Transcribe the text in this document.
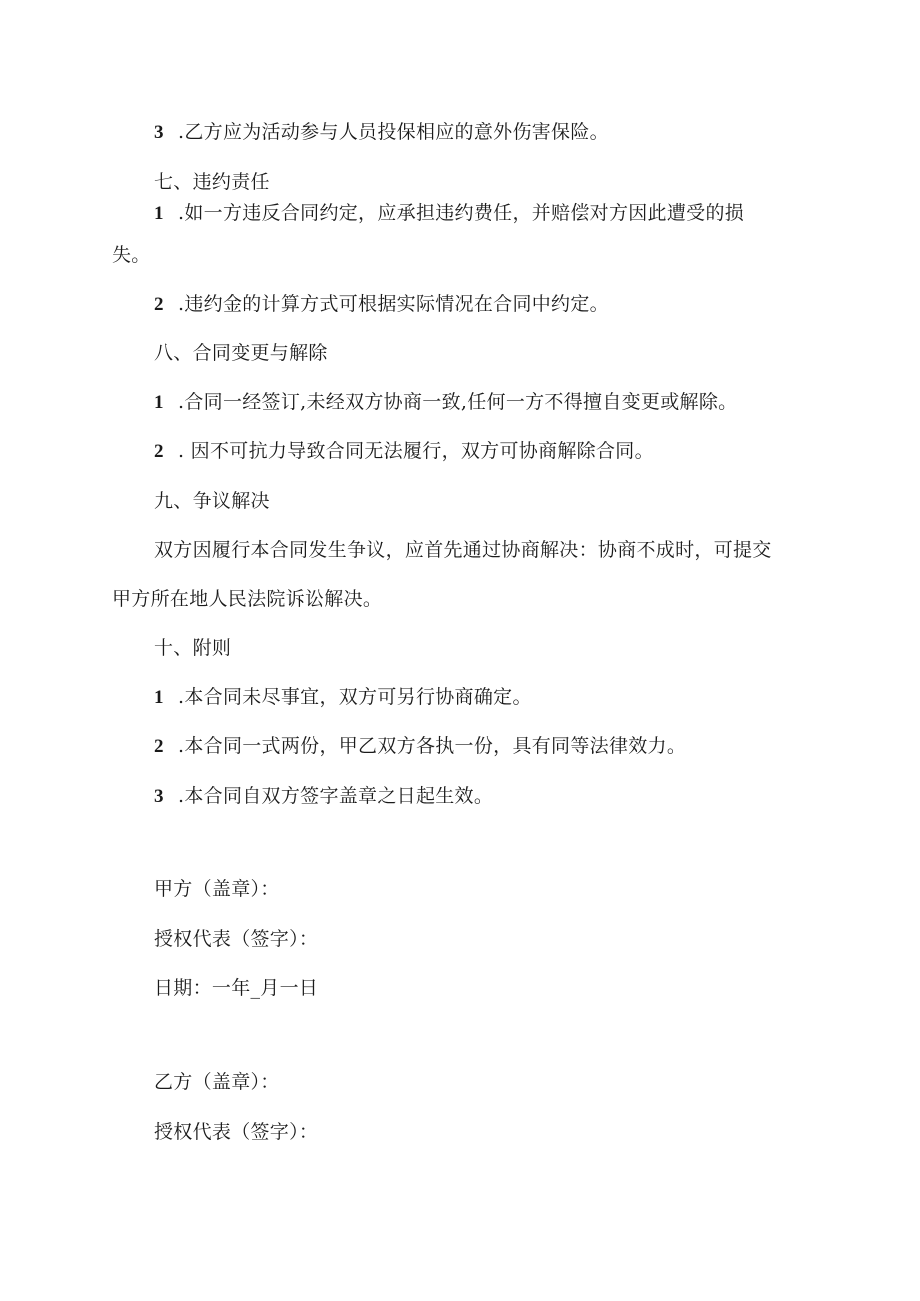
3 .乙方应为活动参与人员投保相应的意外伤害保险。
七、违约责任
1 .如一方违反合同约定，应承担违约费任，并赔偿对方因此遭受的损
失。
2 .违约金的计算方式可根据实际情况在合同中约定。
八、合同变更与解除
1 .合同一经签订,未经双方协商一致,任何一方不得擅自变更或解除。
2 . 因不可抗力导致合同无法履行，双方可协商解除合同。
九、争议解决
双方因履行本合同发生争议，应首先通过协商解决：协商不成时，可提交
甲方所在地人民法院诉讼解决。
十、附则
1 .本合同未尽事宜，双方可另行协商确定。
2 .本合同一式两份，甲乙双方各执一份，具有同等法律效力。
3 .本合同自双方签字盖章之日起生效。
甲方（盖章）：
授权代表（签字）：
日期：一年_月一日
乙方（盖章）：
授权代表（签字）：
